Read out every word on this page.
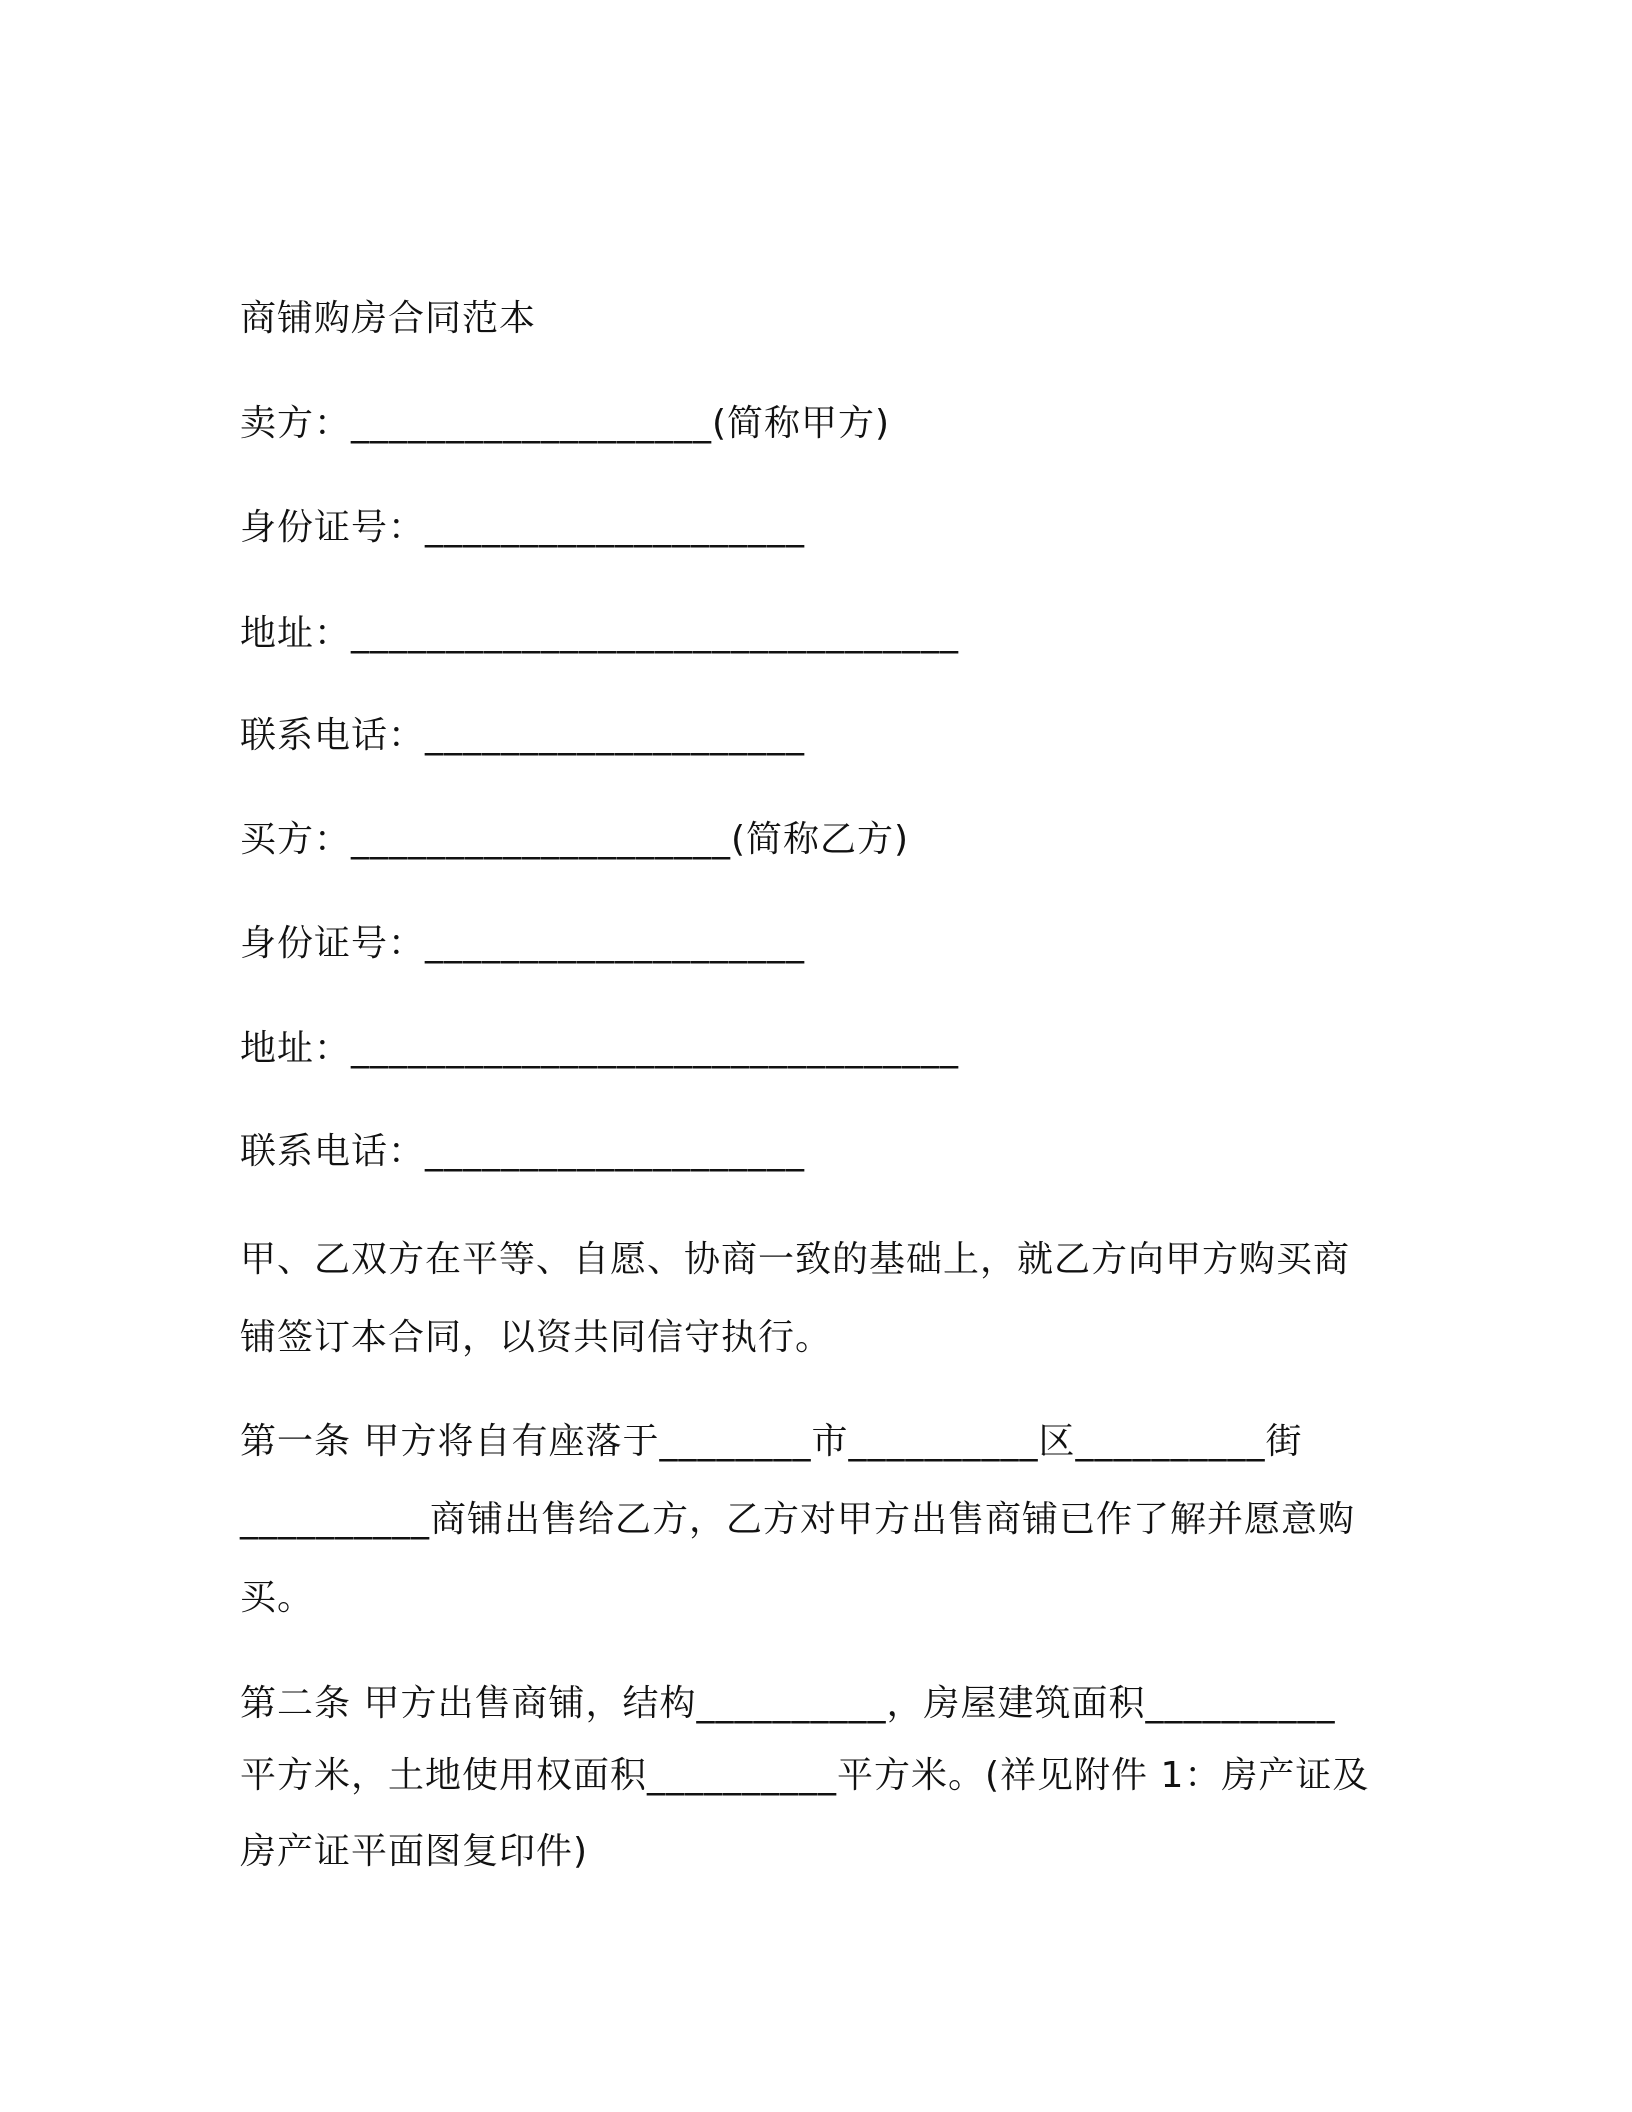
商铺购房合同范本
卖方：___________________(简称甲方)
身份证号：____________________
地址：________________________________
联系电话：____________________
买方：____________________(简称乙方)
身份证号：____________________
地址：________________________________
联系电话：____________________
甲、乙双方在平等、自愿、协商一致的基础上，就乙方向甲方购买商
铺签订本合同，以资共同信守执行。
第一条 甲方将自有座落于________市__________区__________街
__________商铺出售给乙方，乙方对甲方出售商铺已作了解并愿意购
买。
第二条 甲方出售商铺，结构__________，房屋建筑面积__________
平方米，土地使用权面积__________平方米。(祥见附件 1：房产证及
房产证平面图复印件)
